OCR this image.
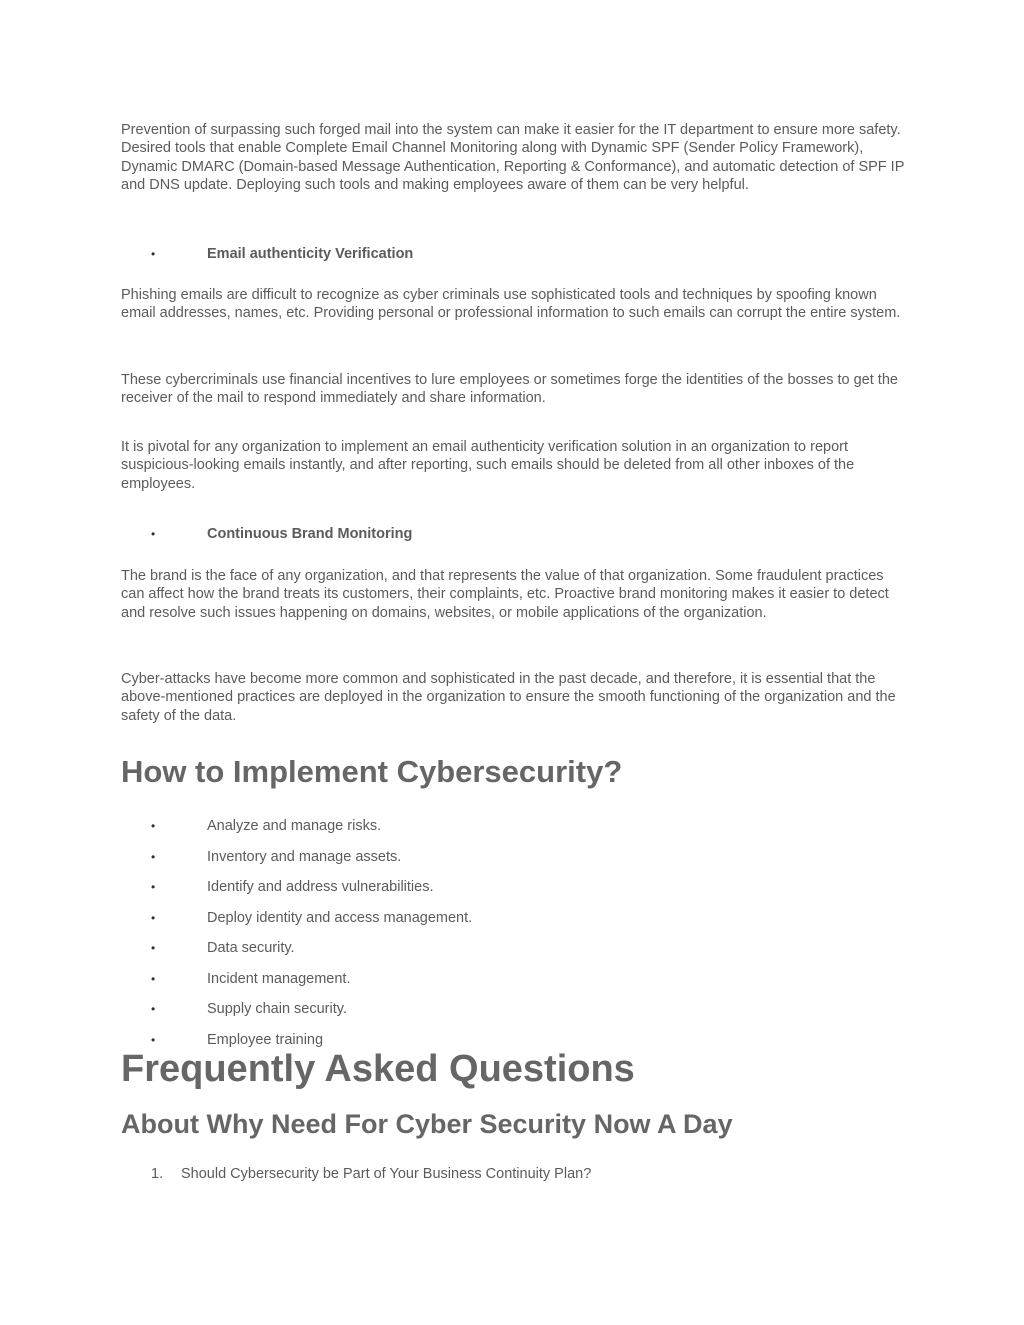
Prevention of surpassing such forged mail into the system can make it easier for the IT department to ensure more safety. Desired tools that enable Complete Email Channel Monitoring along with Dynamic SPF (Sender Policy Framework), Dynamic DMARC (Domain-based Message Authentication, Reporting & Conformance), and automatic detection of SPF IP and DNS update. Deploying such tools and making employees aware of them can be very helpful.

•	Email authenticity Verification

Phishing emails are difficult to recognize as cyber criminals use sophisticated tools and techniques by spoofing known email addresses, names, etc. Providing personal or professional information to such emails can corrupt the entire system.

These cybercriminals use financial incentives to lure employees or sometimes forge the identities of the bosses to get the receiver of the mail to respond immediately and share information.

It is pivotal for any organization to implement an email authenticity verification solution in an organization to report suspicious-looking emails instantly, and after reporting, such emails should be deleted from all other inboxes of the employees.

•	Continuous Brand Monitoring

The brand is the face of any organization, and that represents the value of that organization. Some fraudulent practices can affect how the brand treats its customers, their complaints, etc. Proactive brand monitoring makes it easier to detect and resolve such issues happening on domains, websites, or mobile applications of the organization.

Cyber-attacks have become more common and sophisticated in the past decade, and therefore, it is essential that the above-mentioned practices are deployed in the organization to ensure the smooth functioning of the organization and the safety of the data.

How to Implement Cybersecurity?
•	Analyze and manage risks.
•	Inventory and manage assets.
•	Identify and address vulnerabilities.
•	Deploy identity and access management.
•	Data security.
•	Incident management.
•	Supply chain security.
•	Employee training
Frequently Asked Questions
About Why Need For Cyber Security Now A Day
1. Should Cybersecurity be Part of Your Business Continuity Plan?
